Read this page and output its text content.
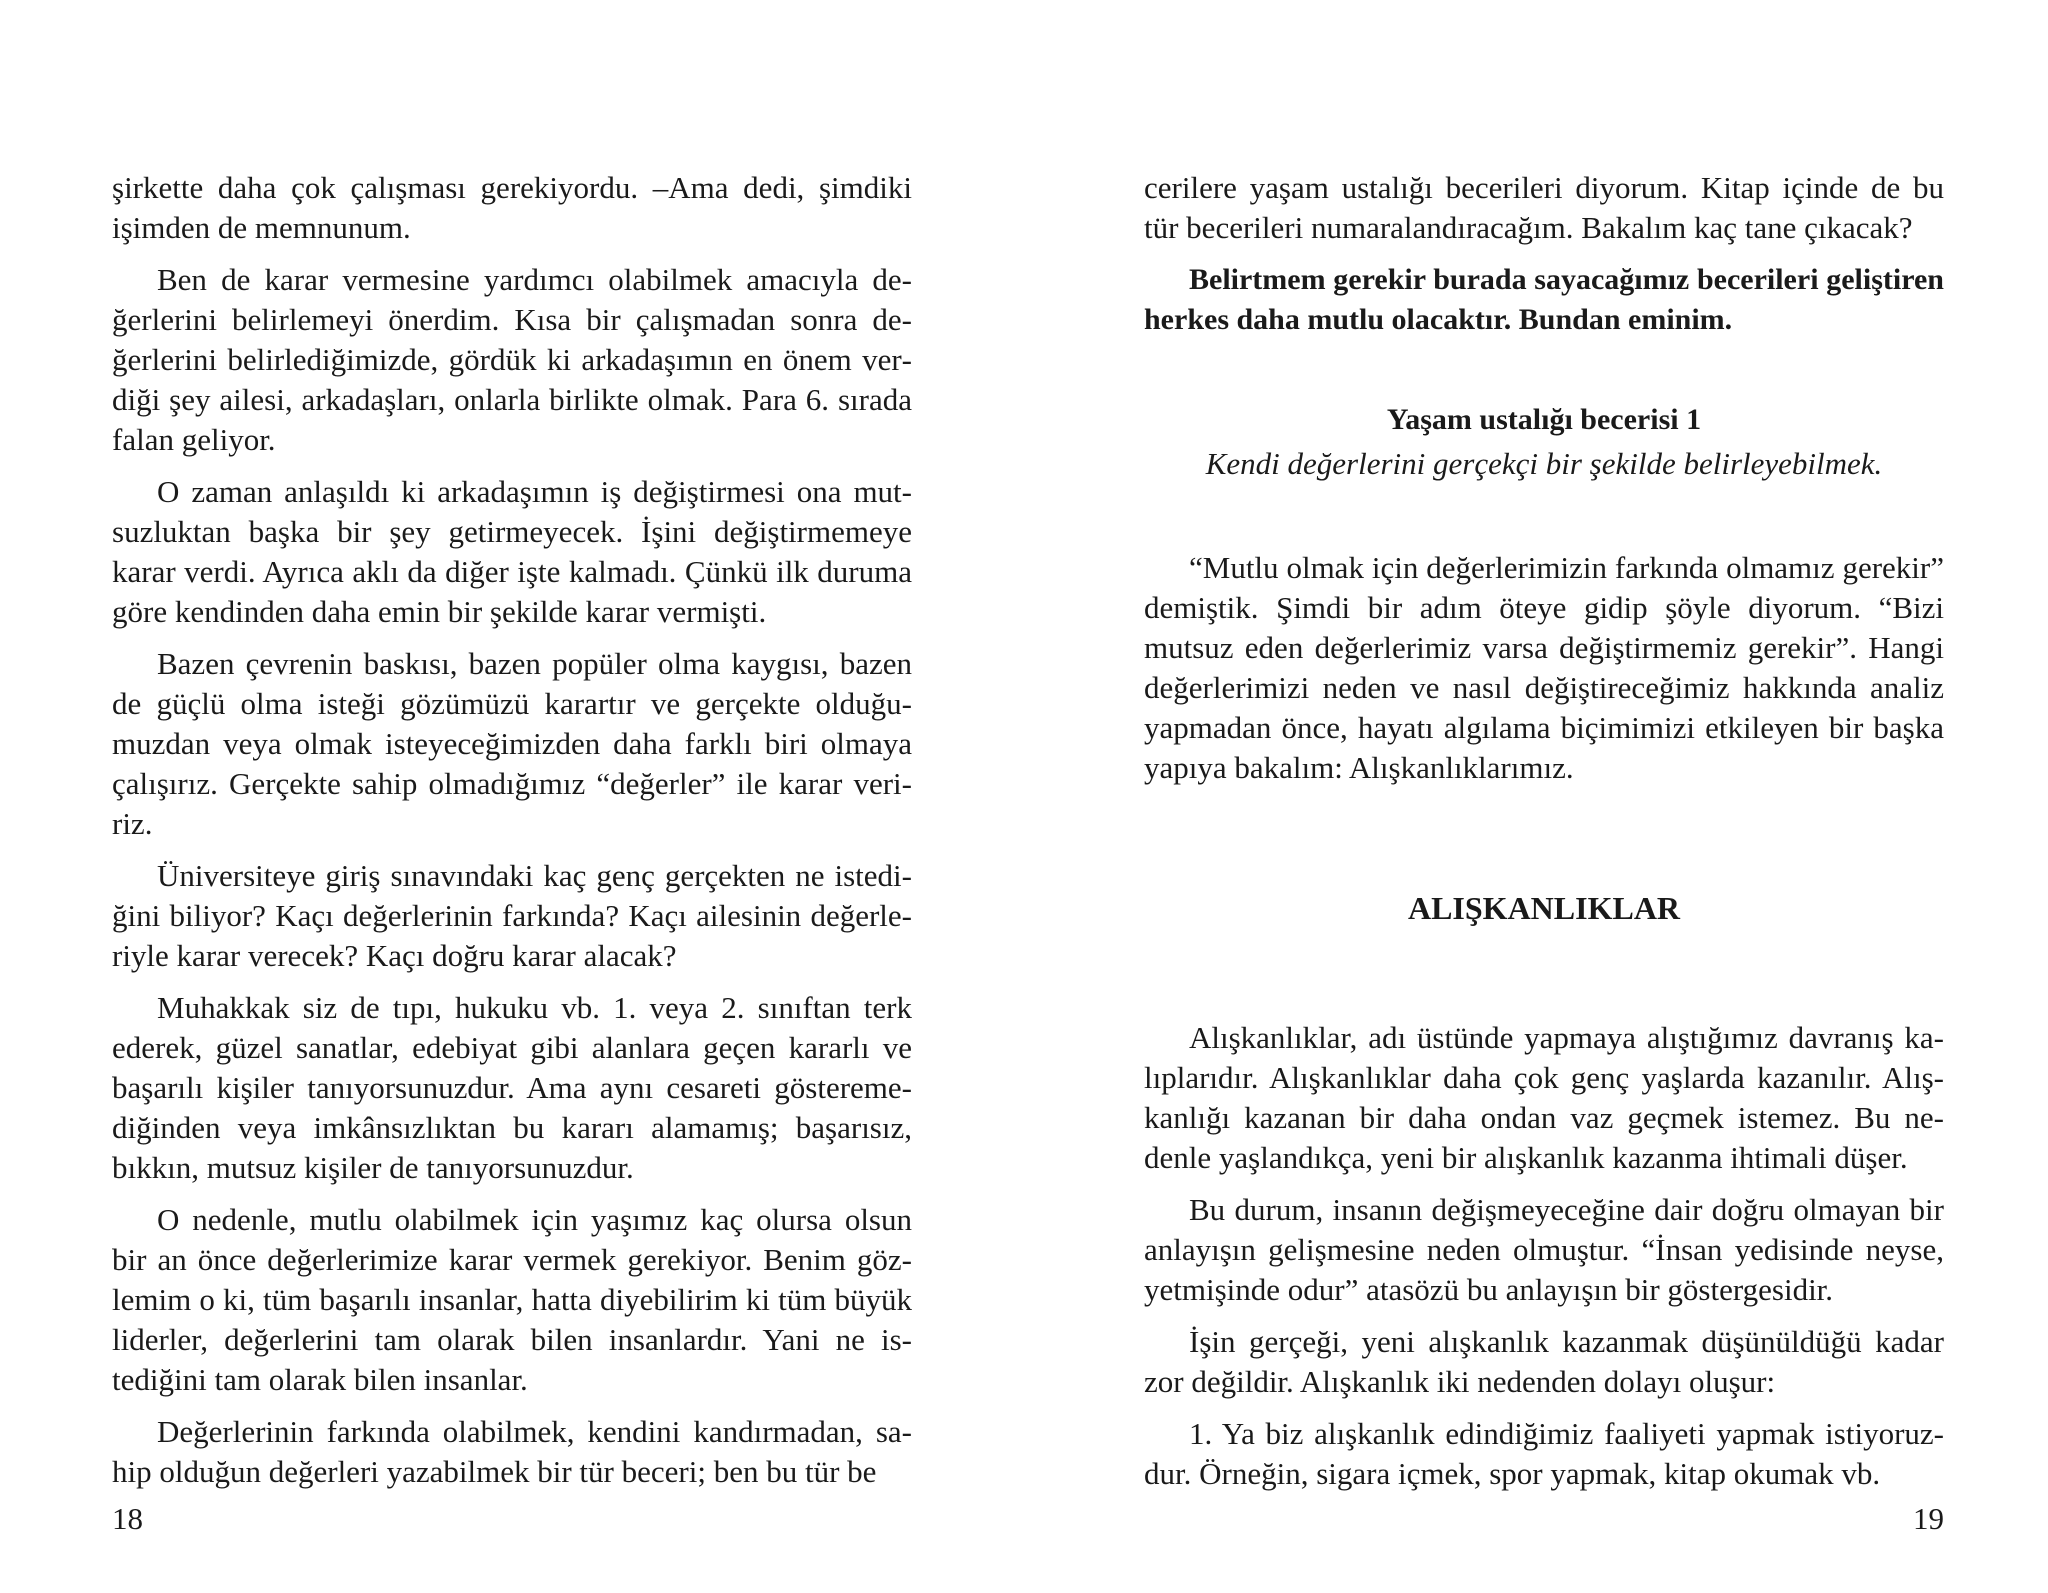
şirkette daha çok çalışması gerekiyordu. –Ama dedi, şimdiki işimden de memnunum.

Ben de karar vermesine yardımcı olabilmek amacıyla değerlerini belirlemeyi önerdim. Kısa bir çalışmadan sonra değerlerini belirlediğimizde, gördük ki arkadaşımın en önem verdiği şey ailesi, arkadaşları, onlarla birlikte olmak. Para 6. sırada falan geliyor.

O zaman anlaşıldı ki arkadaşımın iş değiştirmesi ona mutsuzluktan başka bir şey getirmeyecek. İşini değiştirmemeye karar verdi. Ayrıca aklı da diğer işte kalmadı. Çünkü ilk duruma göre kendinden daha emin bir şekilde karar vermişti.

Bazen çevrenin baskısı, bazen popüler olma kaygısı, bazen de güçlü olma isteği gözümüzü karartır ve gerçekte olduğumuzdan veya olmak isteyeceğimizden daha farklı biri olmaya çalışırız. Gerçekte sahip olmadığımız “değerler” ile karar veririz.

Üniversiteye giriş sınavındaki kaç genç gerçekten ne istediğini biliyor? Kaçı değerlerinin farkında? Kaçı ailesinin değerleriyle karar verecek? Kaçı doğru karar alacak?

Muhakkak siz de tıpı, hukuku vb. 1. veya 2. sınıftan terk ederek, güzel sanatlar, edebiyat gibi alanlara geçen kararlı ve başarılı kişiler tanıyorsunuzdur. Ama aynı cesareti gösteremediğinden veya imkânsızlıktan bu kararı alamamış; başarısız, bıkkın, mutsuz kişiler de tanıyorsunuzdur.

O nedenle, mutlu olabilmek için yaşımız kaç olursa olsun bir an önce değerlerimize karar vermek gerekiyor. Benim gözlemim o ki, tüm başarılı insanlar, hatta diyebilirim ki tüm büyük liderler, değerlerini tam olarak bilen insanlardır. Yani ne istediğini tam olarak bilen insanlar.

Değerlerinin farkında olabilmek, kendini kandırmadan, sahip olduğun değerleri yazabilmek bir tür beceri; ben bu tür be

18

cerilere yaşam ustalığı becerileri diyorum. Kitap içinde de bu tür becerileri numaralandıracağım. Bakalım kaç tane çıkacak?

Belirtmem gerekir burada sayacağımız becerileri geliştiren herkes daha mutlu olacaktır. Bundan eminim.

Yaşam ustalığı becerisi 1

Kendi değerlerini gerçekçi bir şekilde belirleyebilmek.

“Mutlu olmak için değerlerimizin farkında olmamız gerekir” demiştik. Şimdi bir adım öteye gidip şöyle diyorum. “Bizi mutsuz eden değerlerimiz varsa değiştirmemiz gerekir”. Hangi değerlerimizi neden ve nasıl değiştireceğimiz hakkında analiz yapmadan önce, hayatı algılama biçimimizi etkileyen bir başka yapıya bakalım: Alışkanlıklarımız.

ALIŞKANLIKLAR

Alışkanlıklar, adı üstünde yapmaya alıştığımız davranış kalıplarıdır. Alışkanlıklar daha çok genç yaşlarda kazanılır. Alışkanlığı kazanan bir daha ondan vaz geçmek istemez. Bu nedenle yaşlandıkça, yeni bir alışkanlık kazanma ihtimali düşer.

Bu durum, insanın değişmeyeceğine dair doğru olmayan bir anlayışın gelişmesine neden olmuştur. “İnsan yedisinde neyse, yetmişinde odur” atasözü bu anlayışın bir göstergesidir.

İşin gerçeği, yeni alışkanlık kazanmak düşünüldüğü kadar zor değildir. Alışkanlık iki nedenden dolayı oluşur:

1. Ya biz alışkanlık edindiğimiz faaliyeti yapmak istiyoruzdur. Örneğin, sigara içmek, spor yapmak, kitap okumak vb.

19
